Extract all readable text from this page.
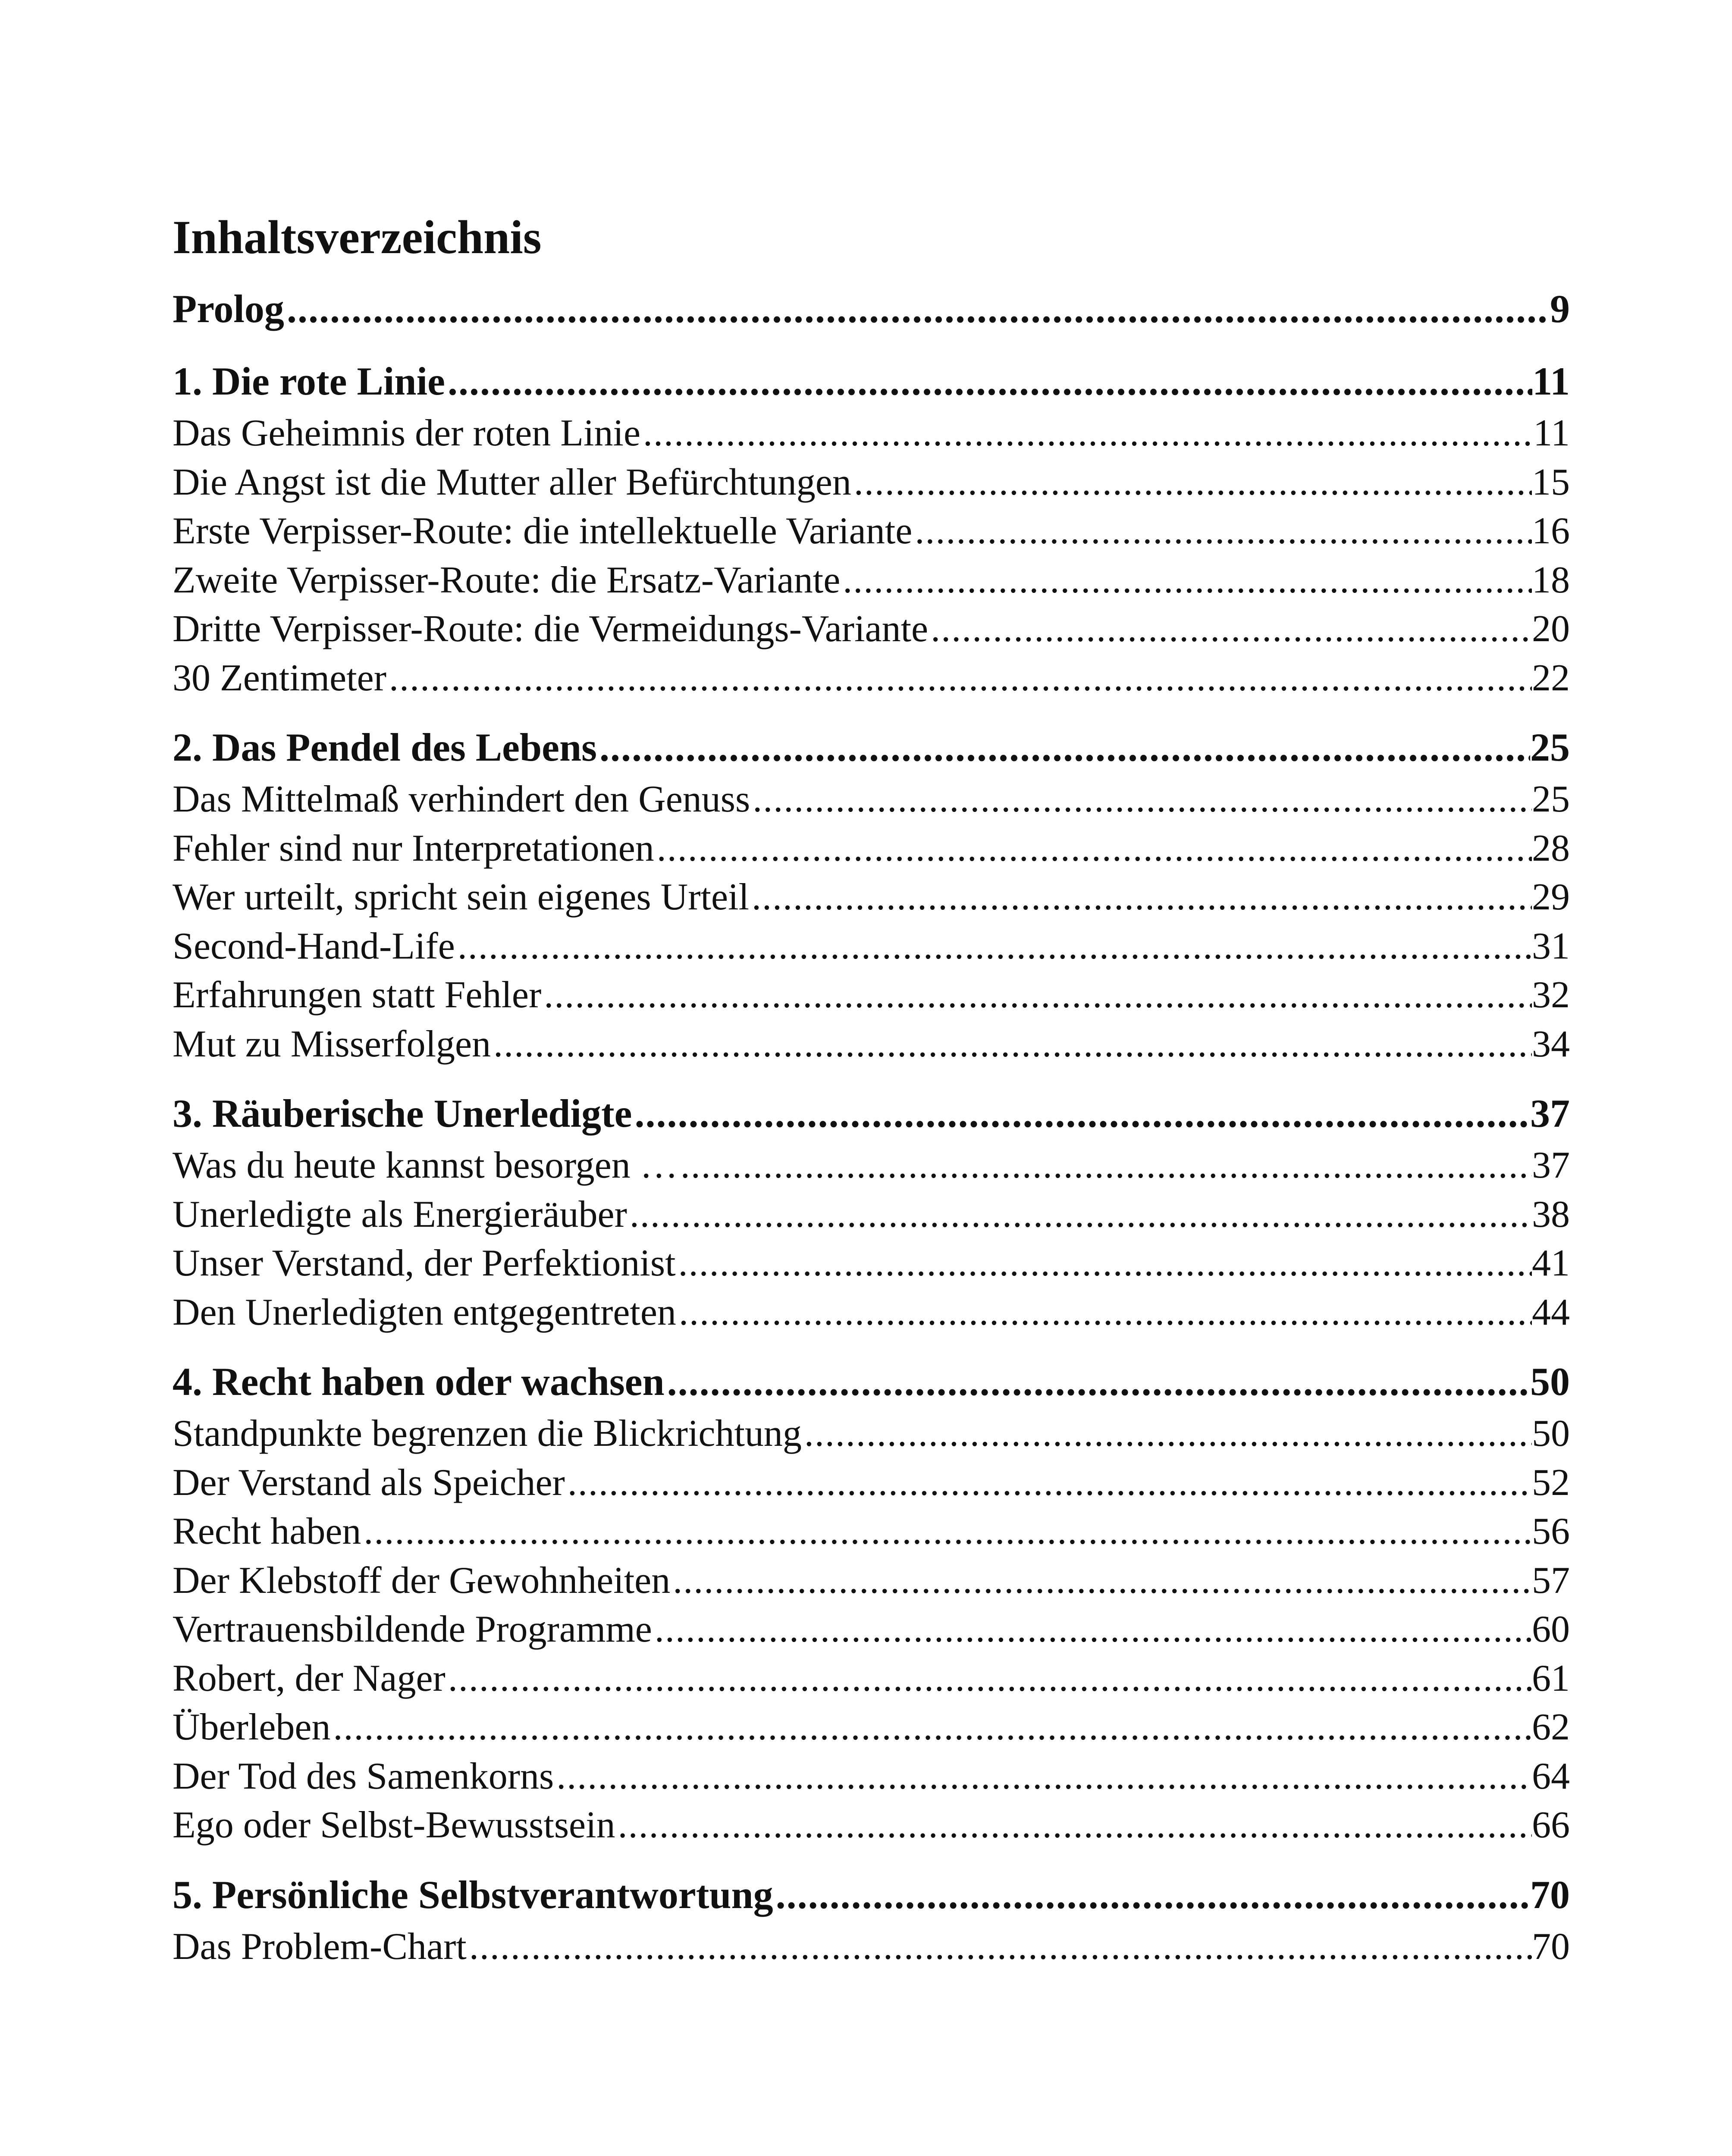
Inhaltsverzeichnis
Prolog .....	9
1. Die rote Linie .....	11
Das Geheimnis der roten Linie .....	11
Die Angst ist die Mutter aller Befürchtungen .....	15
Erste Verpisser-Route: die intellektuelle Variante .....	16
Zweite Verpisser-Route: die Ersatz-Variante .....	18
Dritte Verpisser-Route: die Vermeidungs-Variante .....	20
30 Zentimeter .....	22
2. Das Pendel des Lebens .....	25
Das Mittelmaß verhindert den Genuss .....	25
Fehler sind nur Interpretationen .....	28
Wer urteilt, spricht sein eigenes Urteil .....	29
Second-Hand-Life .....	31
Erfahrungen statt Fehler .....	32
Mut zu Misserfolgen .....	34
3. Räuberische Unerledigte .....	37
Was du heute kannst besorgen … .....	37
Unerledigte als Energieräuber .....	38
Unser Verstand, der Perfektionist .....	41
Den Unerledigten entgegentreten .....	44
4. Recht haben oder wachsen .....	50
Standpunkte begrenzen die Blickrichtung .....	50
Der Verstand als Speicher .....	52
Recht haben .....	56
Der Klebstoff der Gewohnheiten .....	57
Vertrauensbildende Programme .....	60
Robert, der Nager .....	61
Überleben .....	62
Der Tod des Samenkorns .....	64
Ego oder Selbst-Bewusstsein .....	66
5. Persönliche Selbstverantwortung .....	70
Das Problem-Chart .....	70
